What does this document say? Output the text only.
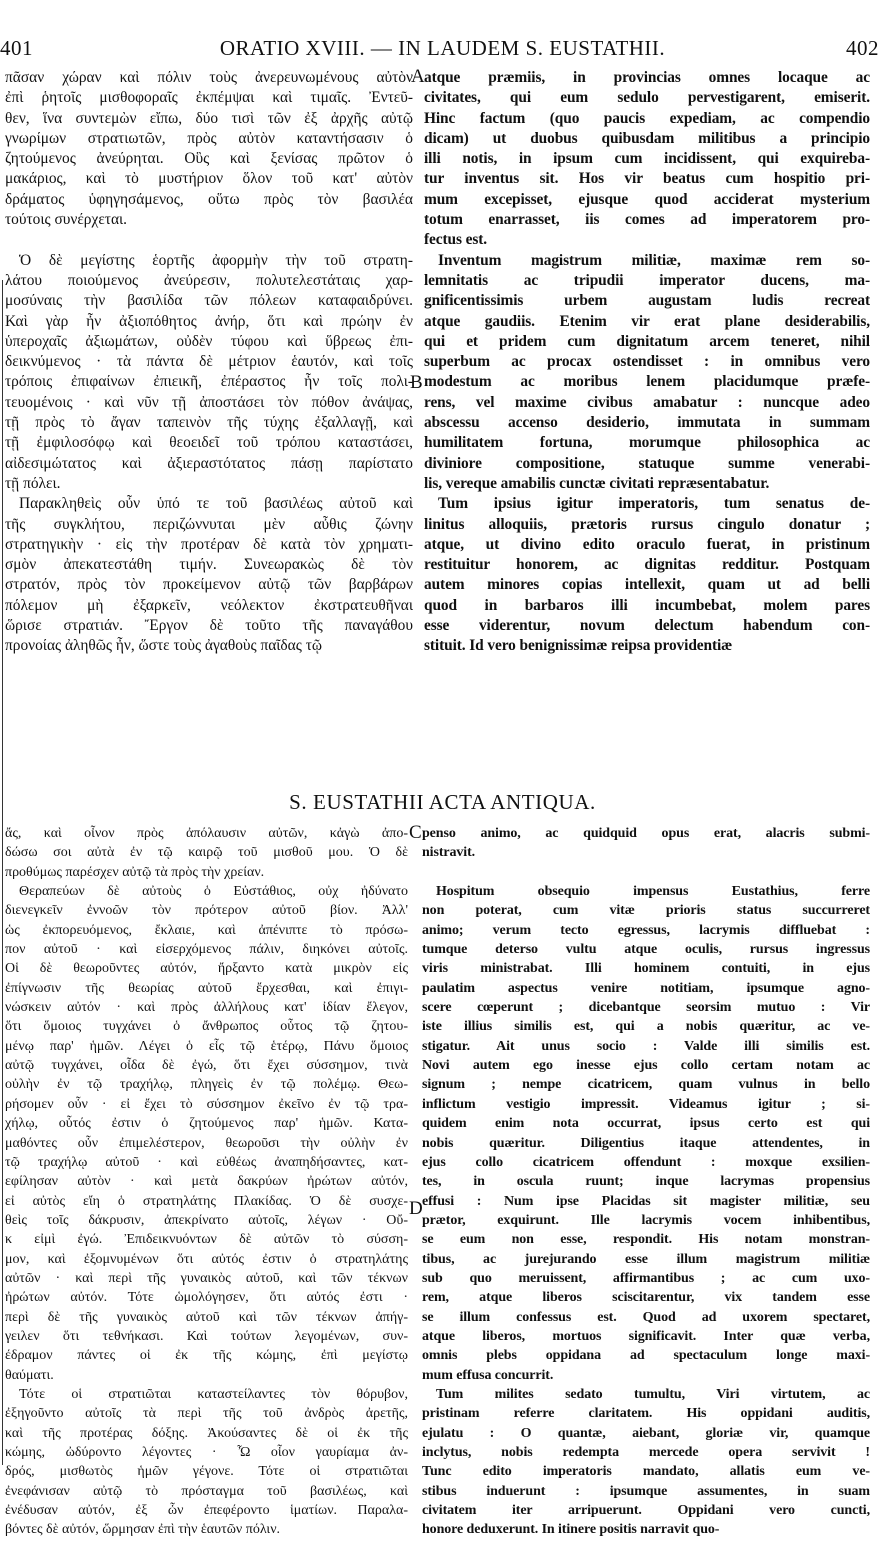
401	ORATIO XVIII. — IN LAUDEM S. EUSTATHII.	402
πᾶσαν χώραν καὶ πόλιν τοὺς ἀνερευνωμένους αὐτὸν
ἐπὶ ῥητοῖς μισθοφοραῖς ἐκπέμψαι καὶ τιμαῖς. Ἐντεῦ-
θεν, ἵνα συντεμὼν εἴπω, δύο τισὶ τῶν ἐξ ἀρχῆς αὐτῷ
γνωρίμων στρατιωτῶν, πρὸς αὐτὸν καταντήσασιν ὁ
ζητούμενος ἀνεύρηται. Οὓς καὶ ξενίσας πρῶτον ὁ
μακάριος, καὶ τὸ μυστήριον ὅλον τοῦ κατ' αὐτὸν
δράματος ὑφηγησάμενος, οὕτω πρὸς τὸν βασιλέα
τούτοις συνέρχεται.
Ὁ δὲ μεγίστης ἑορτῆς ἀφορμὴν τὴν τοῦ στρατη-
λάτου ποιούμενος ἀνεύρεσιν, πολυτελεστάταις χαρ-
μοσύναις τὴν βασιλίδα τῶν πόλεων καταφαιδρύνει.
Καὶ γὰρ ἦν ἀξιοπόθητος ἀνήρ, ὅτι καὶ πρώην ἐν
ὑπεροχαῖς ἀξιωμάτων, οὐδὲν τύφου καὶ ὕβρεως ἐπι-
δεικνύμενος · τὰ πάντα δὲ μέτριον ἑαυτόν, καὶ τοῖς
τρόποις ἐπιφαίνων ἐπιεικῆ, ἐπέραστος ἦν τοῖς πολι-
τευομένοις · καὶ νῦν τῇ ἀποστάσει τὸν πόθον ἀνάψας,
τῇ πρὸς τὸ ἄγαν ταπεινὸν τῆς τύχης ἐξαλλαγῇ, καὶ
τῇ ἐμφιλοσόφῳ καὶ θεοειδεῖ τοῦ τρόπου καταστάσει,
αἰδεσιμώτατος καὶ ἀξιεραστότατος πάσῃ παρίστατο
τῇ πόλει.
Παρακληθεὶς οὖν ὑπό τε τοῦ βασιλέως αὐτοῦ καὶ
τῆς συγκλήτου, περιζώννυται μὲν αὖθις ζώνην
στρατηγικὴν · εἰς τὴν προτέραν δὲ κατὰ τὸν χρηματι-
σμὸν ἀπεκατεστάθη τιμήν. Συνεωρακὼς δὲ τὸν
στρατόν, πρὸς τὸν προκείμενον αὐτῷ τῶν βαρβάρων
πόλεμον μὴ ἐξαρκεῖν, νεόλεκτον ἐκστρατευθῆναι
ὥρισε στρατιάν. Ἔργον δὲ τοῦτο τῆς παναγάθου
προνοίας ἀληθῶς ἦν, ὥστε τοὺς ἀγαθοὺς παῖδας τῷ
atque præmiis, in provincias omnes locaque ac
civitates, qui eum sedulo pervestigarent, emiserit.
Hinc factum (quo paucis expediam, ac compendio
dicam) ut duobus quibusdam militibus a principio
illi notis, in ipsum cum incidissent, qui exquireba-
tur inventus sit. Hos vir beatus cum hospitio pri-
mum excepisset, ejusque quod acciderat mysterium
totum enarrasset, iis comes ad imperatorem pro-
fectus est.
Inventum magistrum militiæ, maximæ rem so-
lemnitatis ac tripudii imperator ducens, ma-
gnificentissimis urbem augustam ludis recreat
atque gaudiis. Etenim vir erat plane desiderabilis,
qui et pridem cum dignitatum arcem teneret, nihil
superbum ac procax ostendisset : in omnibus vero
modestum ac moribus lenem placidumque præfe-
rens, vel maxime civibus amabatur : nuncque adeo
abscessu accenso desiderio, immutata in summam
humilitatem fortuna, morumque philosophica ac
diviniore compositione, statuque summe venerabi-
lis, vereque amabilis cunctæ civitati repræsentabatur.
Tum ipsius igitur imperatoris, tum senatus de-
linitus alloquiis, prætoris rursus cingulo donatur ;
atque, ut divino edito oraculo fuerat, in pristinum
restituitur honorem, ac dignitas redditur. Postquam
autem minores copias intellexit, quam ut ad belli
quod in barbaros illi incumbebat, molem pares
esse viderentur, novum delectum habendum con-
stituit. Id vero benignissimæ reipsa providentiæ
A
B
S. EUSTATHII ACTA ANTIQUA.
ἄς, καὶ οἶνον πρὸς ἀπόλαυσιν αὐτῶν, κἀγὼ ἀπο-
δώσω σοι αὐτὰ ἐν τῷ καιρῷ τοῦ μισθοῦ μου. Ὁ δὲ
προθύμως παρέσχεν αὐτῷ τὰ πρὸς τὴν χρείαν.
Θεραπεύων δὲ αὐτοὺς ὁ Εὐστάθιος, οὐχ ἠδύνατο
διενεγκεῖν ἐννοῶν τὸν πρότερον αὐτοῦ βίον. Ἀλλ'
ὡς ἐκπορευόμενος, ἔκλαιε, καὶ ἀπένιπτε τὸ πρόσω-
πον αὐτοῦ · καὶ εἰσερχόμενος πάλιν, διηκόνει αὐτοῖς.
Οἱ δὲ θεωροῦντες αὐτόν, ἤρξαντο κατὰ μικρὸν εἰς
ἐπίγνωσιν τῆς θεωρίας αὐτοῦ ἔρχεσθαι, καὶ ἐπιγι-
νώσκειν αὐτόν · καὶ πρὸς ἀλλήλους κατ' ἰδίαν ἔλεγον,
ὅτι ὅμοιος τυγχάνει ὁ ἄνθρωπος οὗτος τῷ ζητου-
μένῳ παρ' ἡμῶν. Λέγει ὁ εἷς τῷ ἑτέρῳ, Πάνυ ὅμοιος
αὐτῷ τυγχάνει, οἶδα δὲ ἐγώ, ὅτι ἔχει σύσσημον, τινὰ
οὐλὴν ἐν τῷ τραχήλῳ, πληγεὶς ἐν τῷ πολέμῳ. Θεω-
ρήσομεν οὖν · εἰ ἔχει τὸ σύσσημον ἐκεῖνο ἐν τῷ τρα-
χήλῳ, οὗτός ἐστιν ὁ ζητούμενος παρ' ἡμῶν. Κατα-
μαθόντες οὖν ἐπιμελέστερον, θεωροῦσι τὴν οὐλὴν ἐν
τῷ τραχήλῳ αὐτοῦ · καὶ εὐθέως ἀναπηδήσαντες, κατ-
εφίλησαν αὐτὸν · καὶ μετὰ δακρύων ἠρώτων αὐτόν,
εἰ αὐτὸς εἴη ὁ στρατηλάτης Πλακίδας. Ὁ δὲ συσχε-
θεὶς τοῖς δάκρυσιν, ἀπεκρίνατο αὐτοῖς, λέγων · Οὔ-
κ εἰμὶ ἐγώ. Ἐπιδεικνυόντων δὲ αὐτῶν τὸ σύσση-
μον, καὶ ἐξομνυμένων ὅτι αὐτός ἐστιν ὁ στρατηλάτης
αὐτῶν · καὶ περὶ τῆς γυναικὸς αὐτοῦ, καὶ τῶν τέκνων
ἠρώτων αὐτόν. Τότε ὡμολόγησεν, ὅτι αὐτός ἐστι ·
περὶ δὲ τῆς γυναικὸς αὐτοῦ καὶ τῶν τέκνων ἀπήγ-
γειλεν ὅτι τεθνήκασι. Καὶ τούτων λεγομένων, συν-
έδραμον πάντες οἱ ἐκ τῆς κώμης, ἐπὶ μεγίστῳ
θαύματι.
Τότε οἱ στρατιῶται καταστείλαντες τὸν θόρυβον,
ἐξηγοῦντο αὐτοῖς τὰ περὶ τῆς τοῦ ἀνδρὸς ἀρετῆς,
καὶ τῆς προτέρας δόξης. Ἀκούσαντες δὲ οἱ ἐκ τῆς
κώμης, ὠδύροντο λέγοντες · Ὦ οἷον γαυρίαμα ἀν-
δρός, μισθωτὸς ἡμῶν γέγονε. Τότε οἱ στρατιῶται
ἐνεφάνισαν αὐτῷ τὸ πρόσταγμα τοῦ βασιλέως, καὶ
ἐνέδυσαν αὐτόν, ἐξ ὧν ἐπεφέροντο ἱματίων. Παραλα-
βόντες δὲ αὐτόν, ὥρμησαν ἐπὶ τὴν ἑαυτῶν πόλιν.
penso animo, ac quidquid opus erat, alacris submi-
nistravit.
Hospitum obsequio impensus Eustathius, ferre
non poterat, cum vitæ prioris status succurreret
animo; verum tecto egressus, lacrymis diffluebat :
tumque deterso vultu atque oculis, rursus ingressus
viris ministrabat. Illi hominem contuiti, in ejus
paulatim aspectus venire notitiam, ipsumque agno-
scere cœperunt ; dicebantque seorsim mutuo : Vir
iste illius similis est, qui a nobis quæritur, ac ve-
stigatur. Ait unus socio : Valde illi similis est.
Novi autem ego inesse ejus collo certam notam ac
signum ; nempe cicatricem, quam vulnus in bello
inflictum vestigio impressit. Videamus igitur ; si-
quidem enim nota occurrat, ipsus certo est qui
nobis quæritur. Diligentius itaque attendentes, in
ejus collo cicatricem offendunt : moxque exsilien-
tes, in oscula ruunt; inque lacrymas propensius
effusi : Num ipse Placidas sit magister militiæ, seu
prætor, exquirunt. Ille lacrymis vocem inhibentibus,
se eum non esse, respondit. His notam monstran-
tibus, ac jurejurando esse illum magistrum militiæ
sub quo meruissent, affirmantibus ; ac cum uxo-
rem, atque liberos sciscitarentur, vix tandem esse
se illum confessus est. Quod ad uxorem spectaret,
atque liberos, mortuos significavit. Inter quæ verba,
omnis plebs oppidana ad spectaculum longe maxi-
mum effusa concurrit.
Tum milites sedato tumultu, Viri virtutem, ac
pristinam referre claritatem. His oppidani auditis,
ejulatu : O quantæ, aiebant, gloriæ vir, quamque
inclytus, nobis redempta mercede opera servivit !
Tunc edito imperatoris mandato, allatis eum ve-
stibus induerunt : ipsumque assumentes, in suam
civitatem iter arripuerunt. Oppidani vero cuncti,
honore deduxerunt. In itinere positis narravit quo-
C
D
